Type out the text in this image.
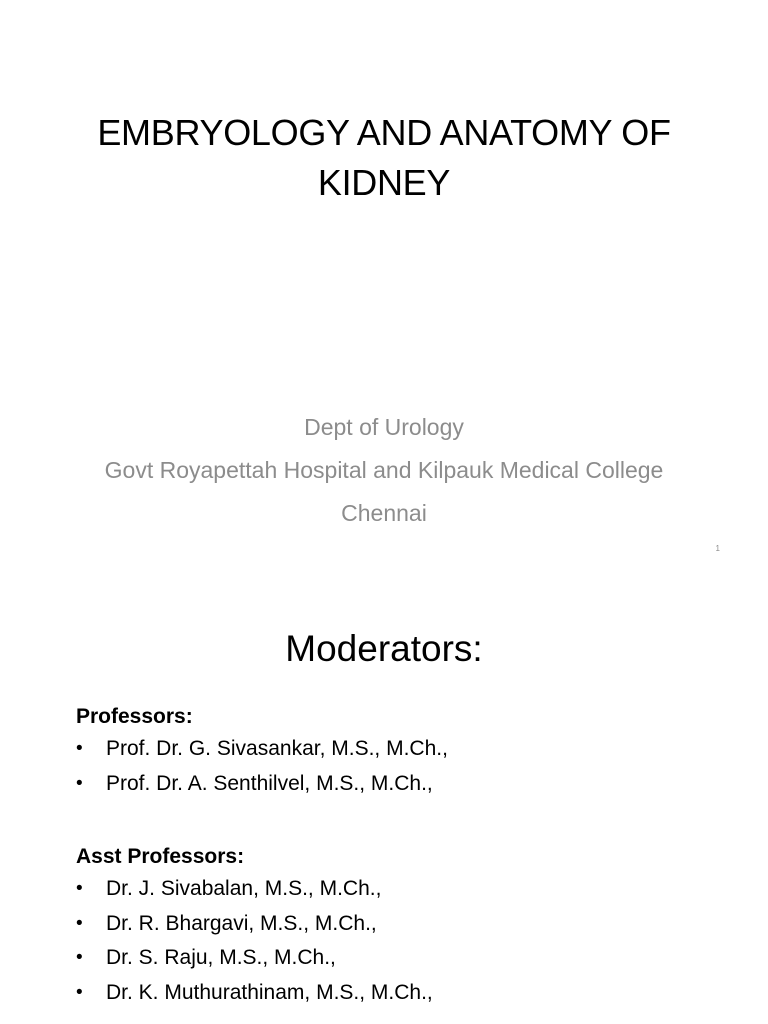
EMBRYOLOGY AND ANATOMY OF
KIDNEY
Dept of Urology
Govt Royapettah Hospital and Kilpauk Medical College
Chennai
1
Moderators:

Professors:

• Prof. Dr. G. Sivasankar, M.S., M.Ch.,
• Prof. Dr. A. Senthilvel, M.S., M.Ch.,

Asst Professors:

• Dr. J. Sivabalan, M.S., M.Ch.,
• Dr. R. Bhargavi, M.S., M.Ch.,
• Dr. S. Raju, M.S., M.Ch.,
• Dr. K. Muthurathinam, M.S., M.Ch.,
